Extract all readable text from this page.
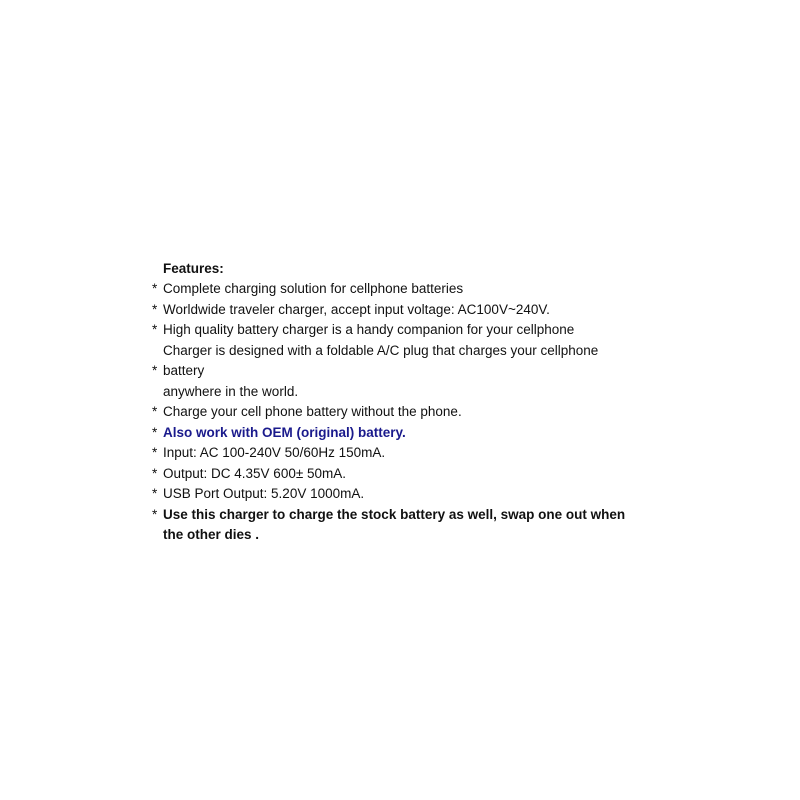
Features:
* Complete charging solution for cellphone batteries
* Worldwide traveler charger, accept input voltage: AC100V~240V.
* High quality battery charger is a handy companion for your cellphone
Charger is designed with a foldable A/C plug that charges your cellphone
* battery
anywhere in the world.
* Charge your cell phone battery without the phone.
* Also work with OEM (original) battery.
* Input: AC 100-240V 50/60Hz 150mA.
* Output: DC 4.35V 600± 50mA.
* USB Port Output: 5.20V 1000mA.
* Use this charger to charge the stock battery as well, swap one out when
the other dies .
